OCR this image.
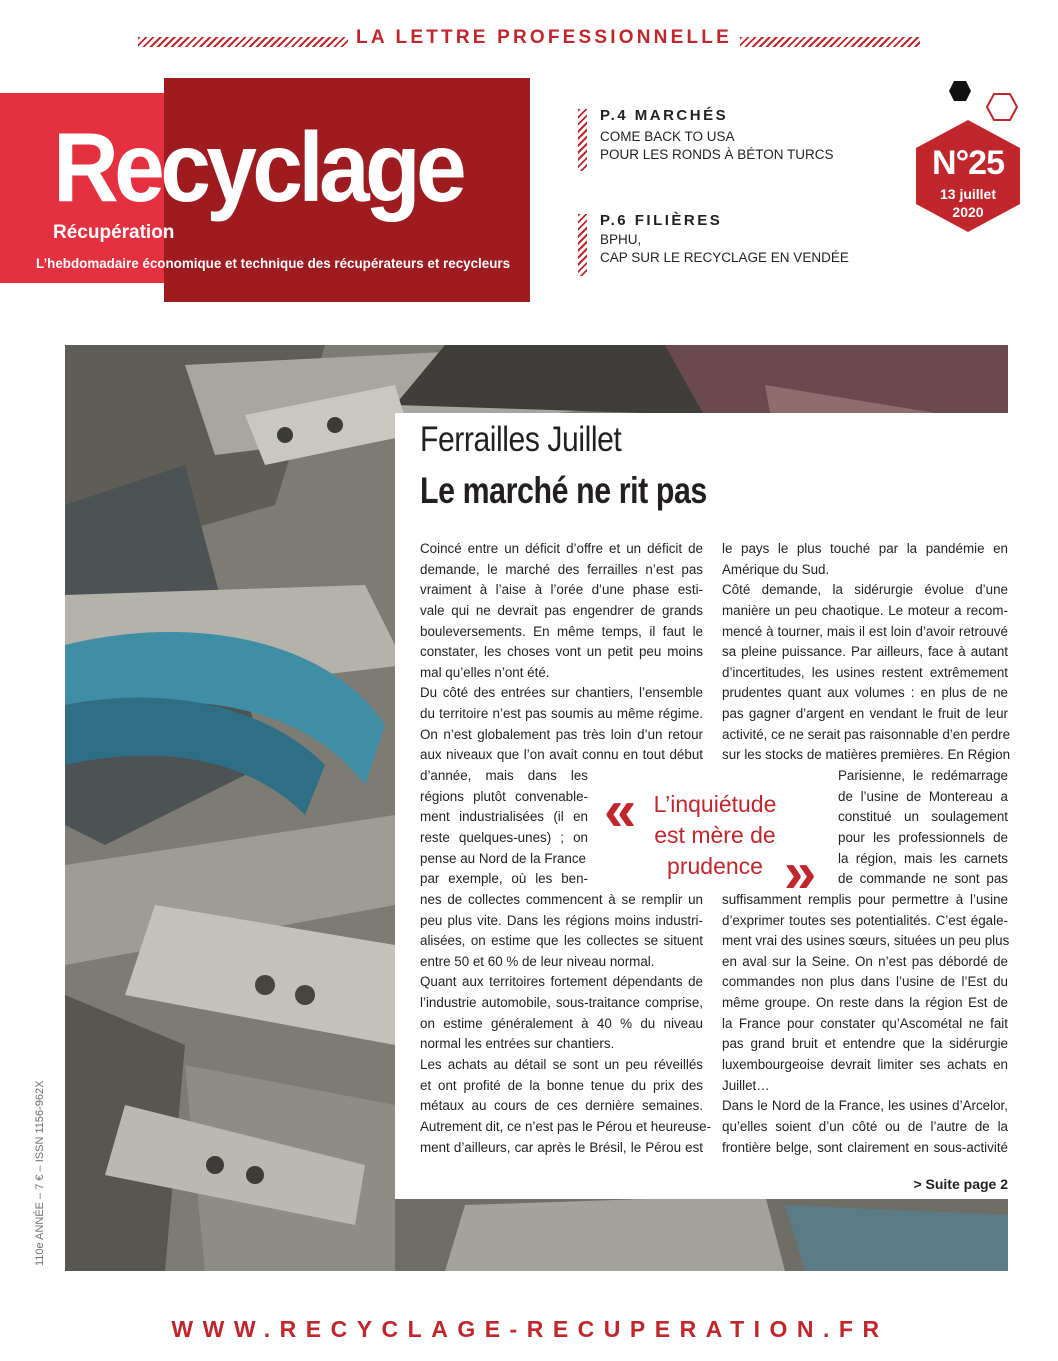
LA LETTRE PROFESSIONNELLE
Recyclage
Récupération
L’hebdomadaire économique et technique des récupérateurs et recycleurs
P.4 MARCHÉS
COME BACK TO USA
POUR LES RONDS À BÉTON TURCS
P.6 FILIÈRES
BPHU,
CAP SUR LE RECYCLAGE EN VENDÉE
N°25
13 juillet
2020
Ferrailles Juillet
Le marché ne rit pas

Coincé entre un déficit d’offre et un déficit de

demande, le marché des ferrailles n’est pas

vraiment à l’aise à l’orée d’une phase esti-

vale qui ne devrait pas engendrer de grands

bouleversements. En même temps, il faut le

constater, les choses vont un petit peu moins

mal qu’elles n’ont été.

Du côté des entrées sur chantiers, l’ensemble

du territoire n’est pas soumis au même régime.

On n’est globalement pas très loin d’un retour

aux niveaux que l’on avait connu en tout début

d’année, mais dans les

régions plutôt convenable-

ment industrialisées (il en

reste quelques-unes) ; on

pense au Nord de la France

par exemple, où les ben-

nes de collectes commencent à se remplir un

peu plus vite. Dans les régions moins industri-

alisées, on estime que les collectes se situent

entre 50 et 60 % de leur niveau normal.

Quant aux territoires fortement dépendants de

l’industrie automobile, sous-traitance comprise,

on estime généralement à 40 % du niveau

normal les entrées sur chantiers.

Les achats au détail se sont un peu réveillés

et ont profité de la bonne tenue du prix des

métaux au cours de ces dernière semaines.

Autrement dit, ce n’est pas le Pérou et heureuse-

ment d’ailleurs, car après le Brésil, le Pérou est

le pays le plus touché par la pandémie en

Amérique du Sud.

Côté demande, la sidérurgie évolue d’une

manière un peu chaotique. Le moteur a recom-

mencé à tourner, mais il est loin d’avoir retrouvé

sa pleine puissance. Par ailleurs, face à autant

d’incertitudes, les usines restent extrêmement

prudentes quant aux volumes : en plus de ne

pas gagner d’argent en vendant le fruit de leur

activité, ce ne serait pas raisonnable d’en perdre

sur les stocks de matières premières. En Région

Parisienne, le redémarrage

de l’usine de Montereau a

constitué un soulagement

pour les professionnels de

la région, mais les carnets

de commande ne sont pas

suffisamment remplis pour permettre à l’usine

d’exprimer toutes ses potentialités. C’est égale-

ment vrai des usines sœurs, situées un peu plus

en aval sur la Seine. On n’est pas débordé de

commandes non plus dans l’usine de l’Est du

même groupe. On reste dans la région Est de

la France pour constater qu’Ascométal ne fait

pas grand bruit et entendre que la sidérurgie

luxembourgeoise devrait limiter ses achats en

Juillet…

Dans le Nord de la France, les usines d’Arcelor,

qu’elles soient d’un côté ou de l’autre de la

frontière belge, sont clairement en sous-activité

« L’inquiétude
est mère de
prudence »
> Suite page 2
110e ANNÉE – 7 € – ISSN 1156-962X
WWW.RECYCLAGE-RECUPERATION.FR
